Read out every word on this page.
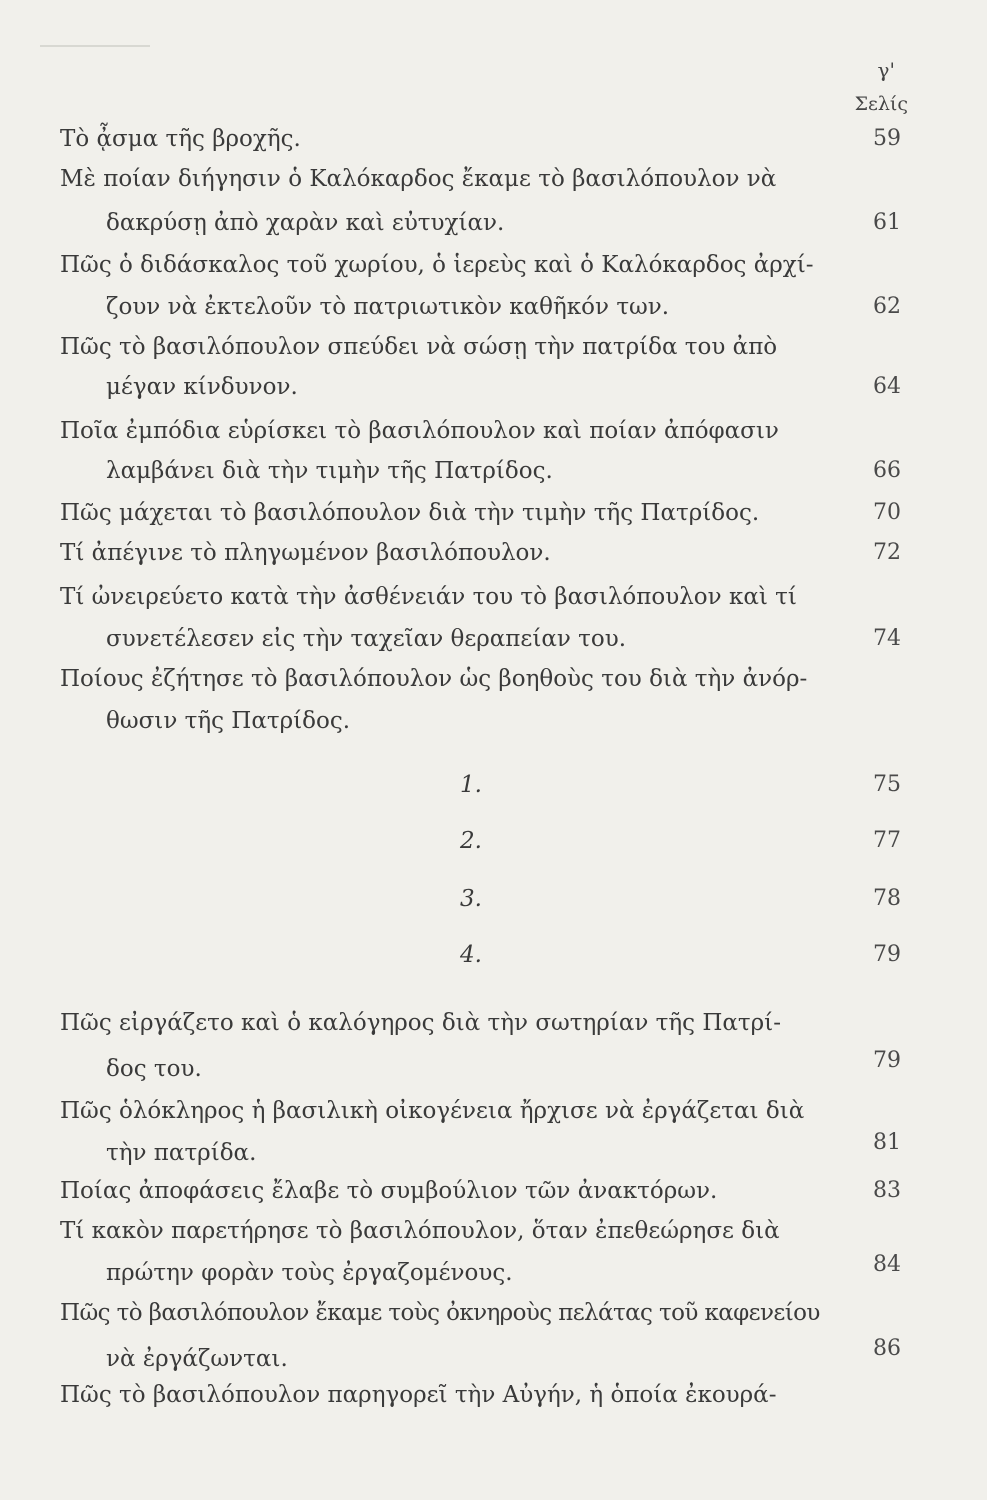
γ'
Σελίς
Τὸ ᾆσμα τῆς βροχῆς.	59
Μὲ ποίαν διήγησιν ὁ Καλόκαρδος ἔκαμε τὸ βασιλόπουλον νὰ
δακρύσῃ ἀπὸ χαρὰν καὶ εὐτυχίαν.	61
Πῶς ὁ διδάσκαλος τοῦ χωρίου, ὁ ἱερεὺς καὶ ὁ Καλόκαρδος ἀρχί-
ζουν νὰ ἐκτελοῦν τὸ πατριωτικὸν καθῆκόν των.	62
Πῶς τὸ βασιλόπουλον σπεύδει νὰ σώσῃ τὴν πατρίδα του ἀπὸ
μέγαν κίνδυνον.	64
Ποῖα ἐμπόδια εὑρίσκει τὸ βασιλόπουλον καὶ ποίαν ἀπόφασιν
λαμβάνει διὰ τὴν τιμὴν τῆς Πατρίδος.	66
Πῶς μάχεται τὸ βασιλόπουλον διὰ τὴν τιμὴν τῆς Πατρίδος.	70
Τί ἀπέγινε τὸ πληγωμένον βασιλόπουλον.	72
Τί ὠνειρεύετο κατὰ τὴν ἀσθένειάν του τὸ βασιλόπουλον καὶ τί
συνετέλεσεν εἰς τὴν ταχεῖαν θεραπείαν του.	74
Ποίους ἐζήτησε τὸ βασιλόπουλον ὡς βοηθοὺς του διὰ τὴν ἀνόρ-
θωσιν τῆς Πατρίδος.
1.	75
2.	77
3.	78
4.	79
Πῶς εἰργάζετο καὶ ὁ καλόγηρος διὰ τὴν σωτηρίαν τῆς Πατρί-
δος του.	79
Πῶς ὁλόκληρος ἡ βασιλικὴ οἰκογένεια ἤρχισε νὰ ἐργάζεται διὰ
τὴν πατρίδα.	81
Ποίας ἀποφάσεις ἔλαβε τὸ συμβούλιον τῶν ἀνακτόρων.	83
Τί κακὸν παρετήρησε τὸ βασιλόπουλον, ὅταν ἐπεθεώρησε διὰ
πρώτην φορὰν τοὺς ἐργαζομένους.	84
Πῶς τὸ βασιλόπουλον ἔκαμε τοὺς ὀκνηροὺς πελάτας τοῦ καφενείου
νὰ ἐργάζωνται.	86
Πῶς τὸ βασιλόπουλον παρηγορεῖ τὴν Αὐγήν, ἡ ὁποία ἐκουρά-
